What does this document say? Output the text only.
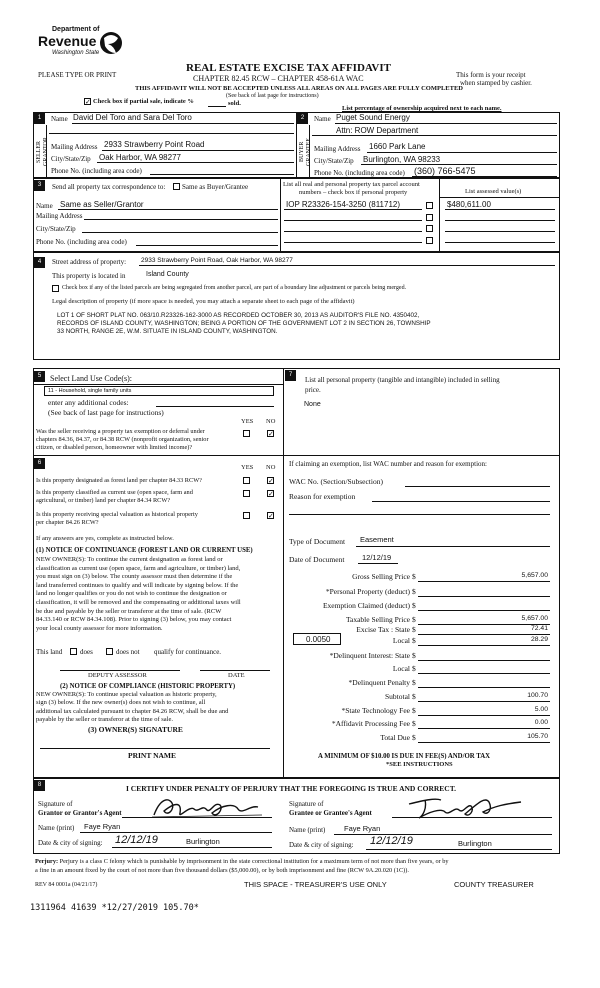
Department of
Revenue
Washington State
PLEASE TYPE OR PRINT
REAL ESTATE EXCISE TAX AFFIDAVIT
CHAPTER 82.45 RCW – CHAPTER 458-61A WAC
THIS AFFIDAVIT WILL NOT BE ACCEPTED UNLESS ALL AREAS ON ALL PAGES ARE FULLY COMPLETED
(See back of last page for instructions)
This form is your receipt
when stamped by cashier.
✓ Check box if partial sale, indicate %	sold.
List percentage of ownership acquired next to each name.
1	2
SELLER GRANTOR	BUYER GRANTEE
Name David Del Toro and Sara Del Toro
Mailing Address 2933 Strawberry Point Road
City/State/Zip Oak Harbor, WA 98277
Phone No. (including area code)
Name Puget Sound Energy
Attn: ROW Department
Mailing Address 1660 Park Lane
City/State/Zip Burlington, WA 98233
Phone No. (including area code) (360) 766-5475
3	Send all property tax correspondence to: Same as Buyer/Grantee
Name Same as Seller/Grantor
Mailing Address
City/State/Zip
Phone No. (including area code)
List all real and personal property tax parcel account
numbers – check box if personal property	List assessed value(s)
IOP R23326-154-3250 (811712)	$480,611.00
4	Street address of property: 2933 Strawberry Point Road, Oak Harbor, WA 98277
This property is located in	Island County
Check box if any of the listed parcels are being segregated from another parcel, are part of a boundary line adjustment or parcels being merged.
Legal description of property (if more space is needed, you may attach a separate sheet to each page of the affidavit)
LOT 1 OF SHORT PLAT NO. 063/10.R23326-162-3000 AS RECORDED OCTOBER 30, 2013 AS AUDITOR'S FILE NO. 4350402,
RECORDS OF ISLAND COUNTY, WASHINGTON; BEING A PORTION OF THE GOVERNMENT LOT 2 IN SECTION 26, TOWNSHIP
33 NORTH, RANGE 2E, W.M. SITUATE IN ISLAND COUNTY, WASHINGTON.
5	Select Land Use Code(s):
11 - Household, single family units
enter any additional codes:
(See back of last page for instructions)
YES NO
Was the seller receiving a property tax exemption or deferral under
chapters 84.36, 84.37, or 84.38 RCW (nonprofit organization, senior
citizen, or disabled person, homeowner with limited income)?
✓
6
YES NO
Is this property designated as forest land per chapter 84.33 RCW?	✓
Is this property classified as current use (open space, farm and
agricultural, or timber) land per chapter 84.34 RCW?
✓
Is this property receiving special valuation as historical property
per chapter 84.26 RCW?
✓
If any answers are yes, complete as instructed below.
(1) NOTICE OF CONTINUANCE (FOREST LAND OR CURRENT USE)
NEW OWNER(S): To continue the current designation as forest land or
classification as current use (open space, farm and agriculture, or timber) land,
you must sign on (3) below. The county assessor must then determine if the
land transferred continues to qualify and will indicate by signing below. If the
land no longer qualifies or you do not wish to continue the designation or
classification, it will be removed and the compensating or additional taxes will
be due and payable by the seller or transferor at the time of sale. (RCW
84.33.140 or RCW 84.34.108). Prior to signing (3) below, you may contact
your local county assessor for more information.
This land	does	does not qualify for continuance.
DEPUTY ASSESSOR	DATE
(2) NOTICE OF COMPLIANCE (HISTORIC PROPERTY)
NEW OWNER(S): To continue special valuation as historic property,
sign (3) below. If the new owner(s) does not wish to continue, all
additional tax calculated pursuant to chapter 84.26 RCW, shall be due and
payable by the seller or transferor at the time of sale.
(3) OWNER(S) SIGNATURE
PRINT NAME
7
List all personal property (tangible and intangible) included in selling
price.
None
If claiming an exemption, list WAC number and reason for exemption:
WAC No. (Section/Subsection)
Reason for exemption
Type of Document Easement
Date of Document 12/12/19
Gross Selling Price $	5,657.00
*Personal Property (deduct) $
Exemption Claimed (deduct) $
Taxable Selling Price $	5,657.00
Excise Tax : State $	72.41
Local $	28.29
*Delinquent Interest: State $
Local $
*Delinquent Penalty $
Subtotal $	100.70
*State Technology Fee $	5.00
*Affidavit Processing Fee $	0.00
Total Due $	105.70
0.0050
A MINIMUM OF $10.00 IS DUE IN FEE(S) AND/OR TAX
*SEE INSTRUCTIONS
8	I CERTIFY UNDER PENALTY OF PERJURY THAT THE FOREGOING IS TRUE AND CORRECT.
Signature of
Grantor or Grantor's Agent
Name (print) Faye Ryan
Date & city of signing: 12/12/19	Burlington
Signature of
Grantee or Grantee's Agent
Name (print) Faye Ryan
Date & city of signing: 12/12/19	Burlington
Perjury: Perjury is a class C felony which is punishable by imprisonment in the state correctional institution for a maximum term of not more than five years, or by
a fine in an amount fixed by the court of not more than five thousand dollars ($5,000.00), or by both imprisonment and fine (RCW 9A.20.020 (1C)).
REV 84 0001a (04/21/17)	THIS SPACE - TREASURER'S USE ONLY	COUNTY TREASURER
1311964 41639 *12/27/2019 105.70*
